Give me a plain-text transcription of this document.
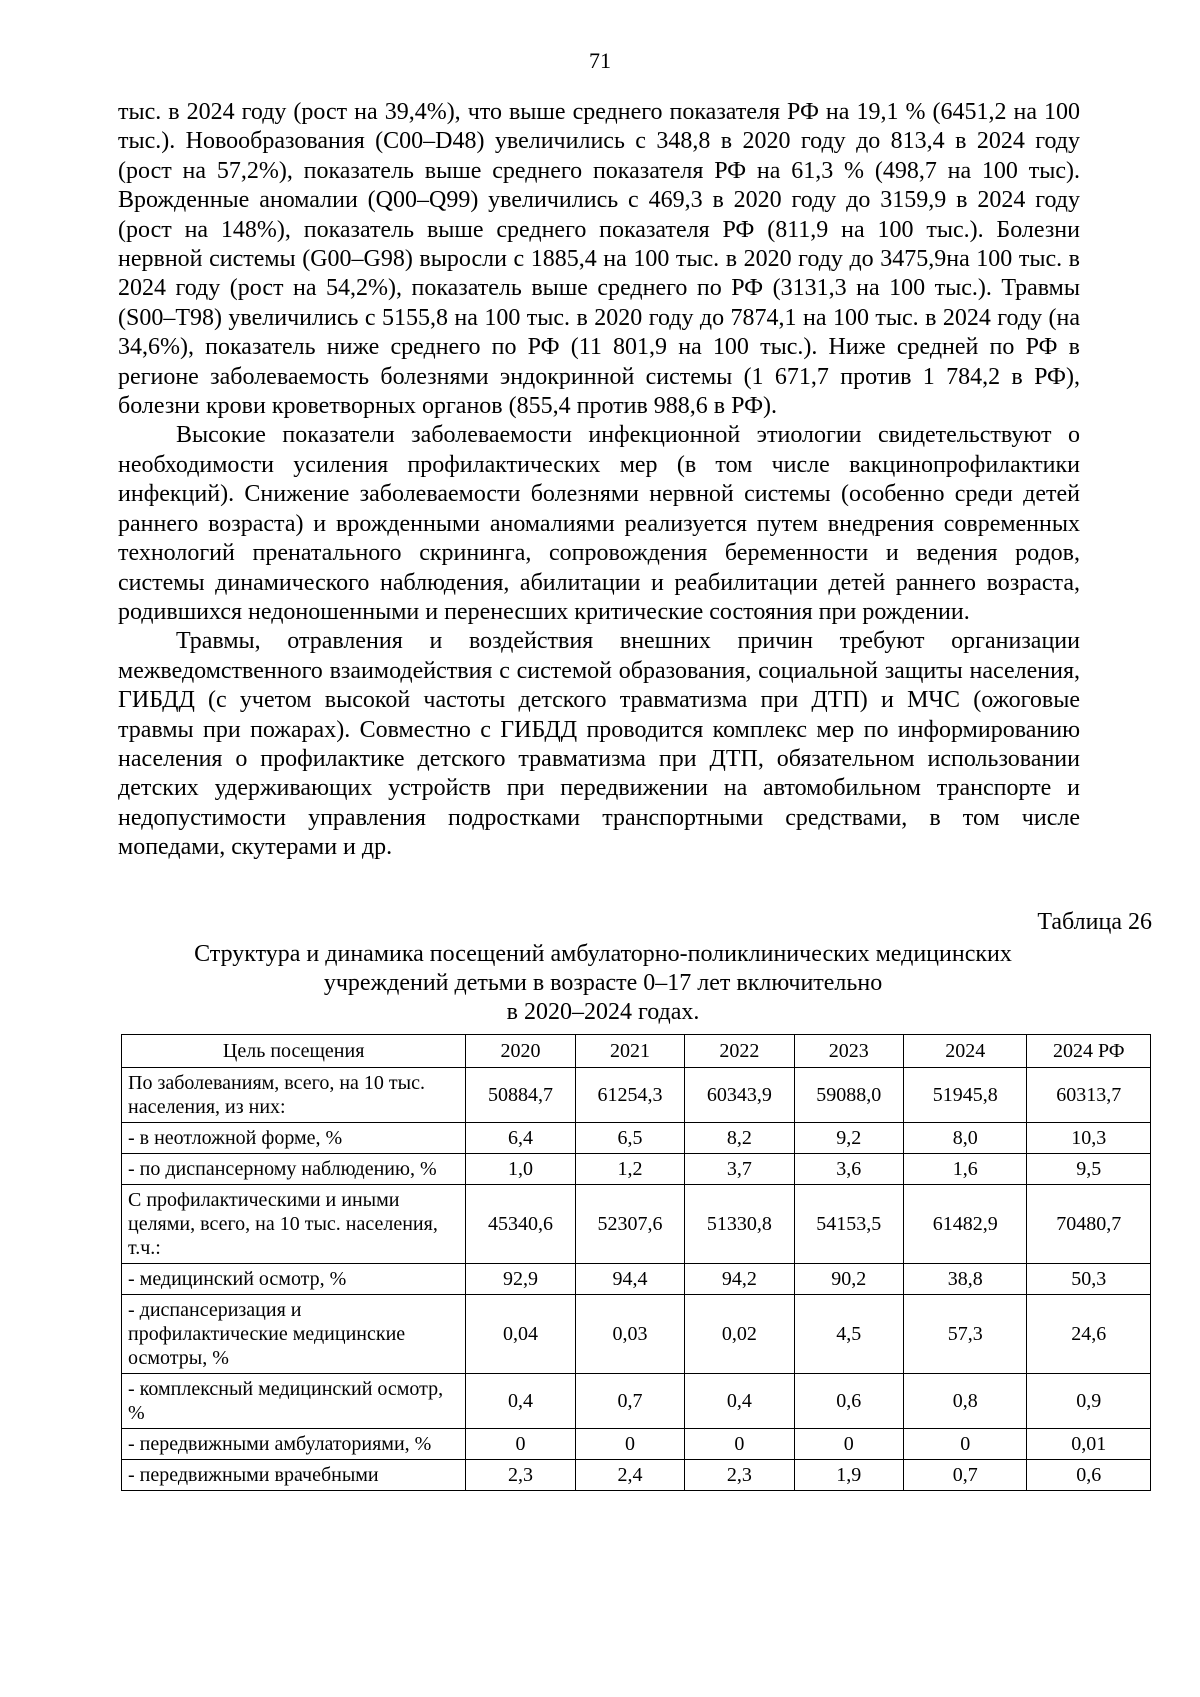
71

тыс. в 2024 году (рост на 39,4%), что выше среднего показателя РФ на 19,1 % (6451,2 на 100 тыс.). Новообразования (C00–D48) увеличились с 348,8 в 2020 году до 813,4 в 2024 году (рост на 57,2%), показатель выше среднего показателя РФ на 61,3 % (498,7 на 100 тыс). Врожденные аномалии (Q00–Q99) увеличились с 469,3 в 2020 году до 3159,9 в 2024 году (рост на 148%), показатель выше среднего показателя РФ (811,9 на 100 тыс.). Болезни нервной системы (G00–G98) выросли с 1885,4 на 100 тыс. в 2020 году до 3475,9на 100 тыс. в 2024 году (рост на 54,2%), показатель выше среднего по РФ (3131,3 на 100 тыс.). Травмы (S00–T98) увеличились с 5155,8 на 100 тыс. в 2020 году до 7874,1 на 100 тыс. в 2024 году (на 34,6%), показатель ниже среднего по РФ (11 801,9 на 100 тыс.). Ниже средней по РФ в регионе заболеваемость болезнями эндокринной системы (1 671,7 против 1 784,2 в РФ), болезни крови кроветворных органов (855,4 против 988,6 в РФ).

Высокие показатели заболеваемости инфекционной этиологии свидетельствуют о необходимости усиления профилактических мер (в том числе вакцинопрофилактики инфекций). Снижение заболеваемости болезнями нервной системы (особенно среди детей раннего возраста) и врожденными аномалиями реализуется путем внедрения современных технологий пренатального скрининга, сопровождения беременности и ведения родов, системы динамического наблюдения, абилитации и реабилитации детей раннего возраста, родившихся недоношенными и перенесших критические состояния при рождении.

Травмы, отравления и воздействия внешних причин требуют организации межведомственного взаимодействия с системой образования, социальной защиты населения, ГИБДД (с учетом высокой частоты детского травматизма при ДТП) и МЧС (ожоговые травмы при пожарах). Совместно с ГИБДД проводится комплекс мер по информированию населения о профилактике детского травматизма при ДТП, обязательном использовании детских удерживающих устройств при передвижении на автомобильном транспорте и недопустимости управления подростками транспортными средствами, в том числе мопедами, скутерами и др.

Таблица 26
Структура и динамика посещений амбулаторно-поликлинических медицинских
учреждений детьми в возрасте 0–17 лет включительно
в 2020–2024 годах.
Цель посещения	2020	2021	2022	2023	2024	2024 РФ
По заболеваниям, всего, на 10 тыс. населения, из них:	50884,7	61254,3	60343,9	59088,0	51945,8	60313,7
- в неотложной форме, %	6,4	6,5	8,2	9,2	8,0	10,3
- по диспансерному наблюдению, %	1,0	1,2	3,7	3,6	1,6	9,5
С профилактическими и иными целями, всего, на 10 тыс. населения, т.ч.:	45340,6	52307,6	51330,8	54153,5	61482,9	70480,7
- медицинский осмотр, %	92,9	94,4	94,2	90,2	38,8	50,3
- диспансеризация и профилактические медицинские осмотры, %	0,04	0,03	0,02	4,5	57,3	24,6
- комплексный медицинский осмотр, %	0,4	0,7	0,4	0,6	0,8	0,9
- передвижными амбулаториями, %	0	0	0	0	0	0,01
- передвижными врачебными	2,3	2,4	2,3	1,9	0,7	0,6
